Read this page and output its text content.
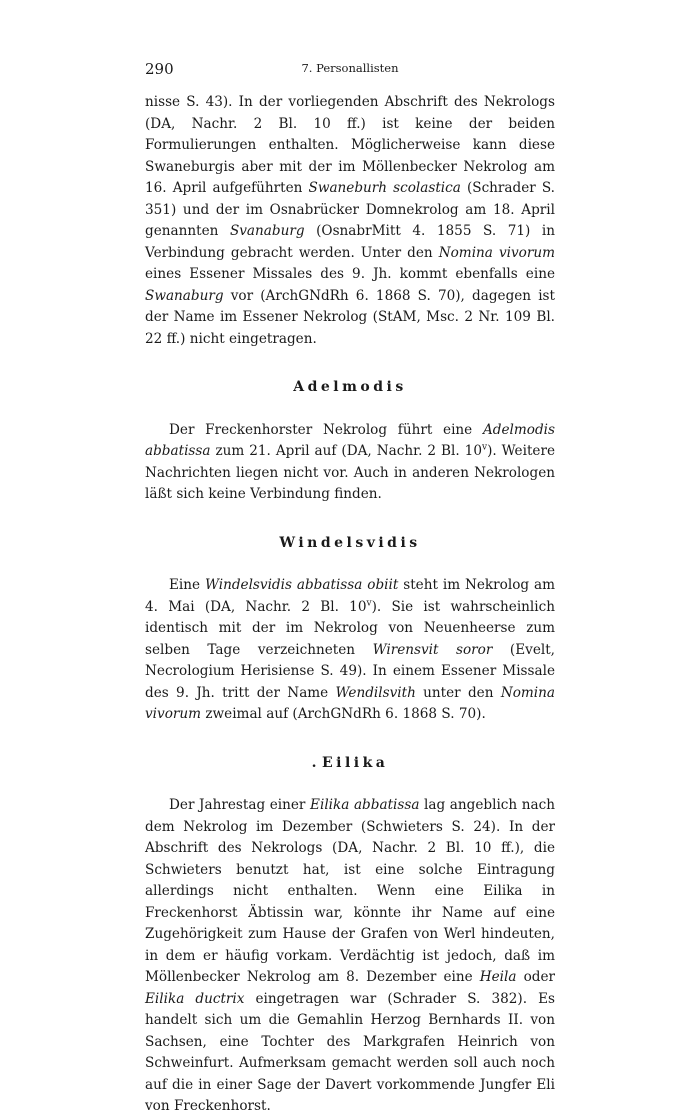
290	7. Personallisten

nisse S. 43). In der vorliegenden Abschrift des Nekrologs (DA, Nachr. 2 Bl. 10 ff.) ist keine der beiden Formulierungen enthalten. Möglicherweise kann diese Swaneburgis aber mit der im Möllenbecker Nekrolog am 16. April aufgeführten Swaneburh scolastica (Schrader S. 351) und der im Osnabrücker Domnekrolog am 18. April genannten Svanaburg (OsnabrMitt 4. 1855 S. 71) in Verbindung gebracht werden. Unter den Nomina vivorum eines Essener Missales des 9. Jh. kommt ebenfalls eine Swanaburg vor (ArchGNdRh 6. 1868 S. 70), dagegen ist der Name im Essener Nekrolog (StAM, Msc. 2 Nr. 109 Bl. 22 ff.) nicht eingetragen.

Adelmodis

Der Freckenhorster Nekrolog führt eine Adelmodis abbatissa zum 21. April auf (DA, Nachr. 2 Bl. 10$^v$). Weitere Nachrichten liegen nicht vor. Auch in anderen Nekrologen läßt sich keine Verbindung finden.

Windelsvidis

Eine Windelsvidis abbatissa obiit steht im Nekrolog am 4. Mai (DA, Nachr. 2 Bl. 10$^v$). Sie ist wahrscheinlich identisch mit der im Nekrolog von Neuenheerse zum selben Tage verzeichneten Wirensvit soror (Evelt, Necrologium Herisiense S. 49). In einem Essener Missale des 9. Jh. tritt der Name Wendilsvith unter den Nomina vivorum zweimal auf (ArchGNdRh 6. 1868 S. 70).

. Eilika

Der Jahrestag einer Eilika abbatissa lag angeblich nach dem Nekrolog im Dezember (Schwieters S. 24). In der Abschrift des Nekrologs (DA, Nachr. 2 Bl. 10 ff.), die Schwieters benutzt hat, ist eine solche Eintragung allerdings nicht enthalten. Wenn eine Eilika in Freckenhorst Äbtissin war, könnte ihr Name auf eine Zugehörigkeit zum Hause der Grafen von Werl hindeuten, in dem er häufig vorkam. Verdächtig ist jedoch, daß im Möllenbecker Nekrolog am 8. Dezember eine Heila oder Eilika ductrix eingetragen war (Schrader S. 382). Es handelt sich um die Gemahlin Herzog Bernhards II. von Sachsen, eine Tochter des Markgrafen Heinrich von Schweinfurt. Aufmerksam gemacht werden soll auch noch auf die in einer Sage der Davert vorkommende Jungfer Eli von Freckenhorst.
